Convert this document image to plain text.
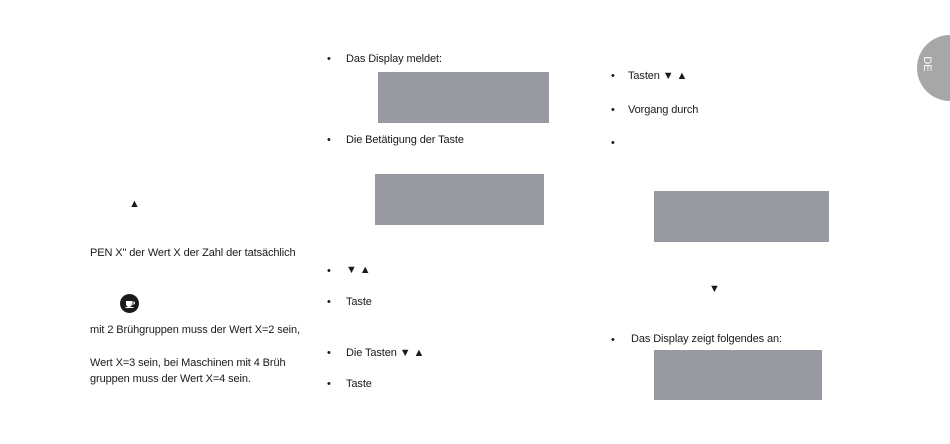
DE
▲
PEN X" der Wert X der Zahl der tatsächlich
mit 2 Brühgruppen muss der Wert X=2 sein,
Wert X=3 sein, bei Maschinen mit 4 Brüh
gruppen muss der Wert X=4 sein.
• Das Display meldet:
• Die Betätigung der Taste
• ▼ ▲
• Taste
• Die Tasten ▼ ▲
• Taste
• Tasten ▼ ▲
• Vorgang durch
•
▼
• Das Display zeigt folgendes an:
